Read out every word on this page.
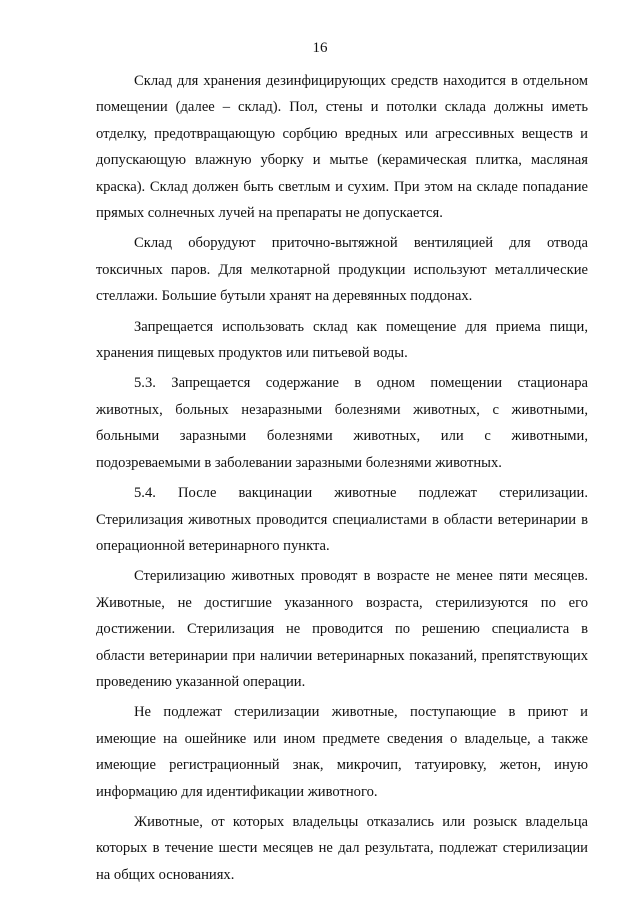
16
Склад для хранения дезинфицирующих средств находится в отдельном
помещении (далее – склад). Пол, стены и потолки склада должны иметь
отделку, предотвращающую сорбцию вредных или агрессивных веществ и
допускающую влажную уборку и мытье (керамическая плитка, масляная
краска). Склад должен быть светлым и сухим. При этом на складе попадание
прямых солнечных лучей на препараты не допускается.
Склад оборудуют приточно-вытяжной вентиляцией для отвода
токсичных паров. Для мелкотарной продукции используют металлические
стеллажи. Большие бутыли хранят на деревянных поддонах.
Запрещается использовать склад как помещение для приема пищи,
хранения пищевых продуктов или питьевой воды.
5.3. Запрещается содержание в одном помещении стационара
животных, больных незаразными болезнями животных, с животными,
больными заразными болезнями животных, или с животными,
подозреваемыми в заболевании заразными болезнями животных.
5.4. После вакцинации животные подлежат стерилизации.
Стерилизация животных проводится специалистами в области ветеринарии в
операционной ветеринарного пункта.
Стерилизацию животных проводят в возрасте не менее пяти месяцев.
Животные, не достигшие указанного возраста, стерилизуются по его
достижении. Стерилизация не проводится по решению специалиста в
области ветеринарии при наличии ветеринарных показаний, препятствующих
проведению указанной операции.
Не подлежат стерилизации животные, поступающие в приют и
имеющие на ошейнике или ином предмете сведения о владельце, а также
имеющие регистрационный знак, микрочип, татуировку, жетон, иную
информацию для идентификации животного.
Животные, от которых владельцы отказались или розыск владельца
которых в течение шести месяцев не дал результата, подлежат стерилизации
на общих основаниях.
